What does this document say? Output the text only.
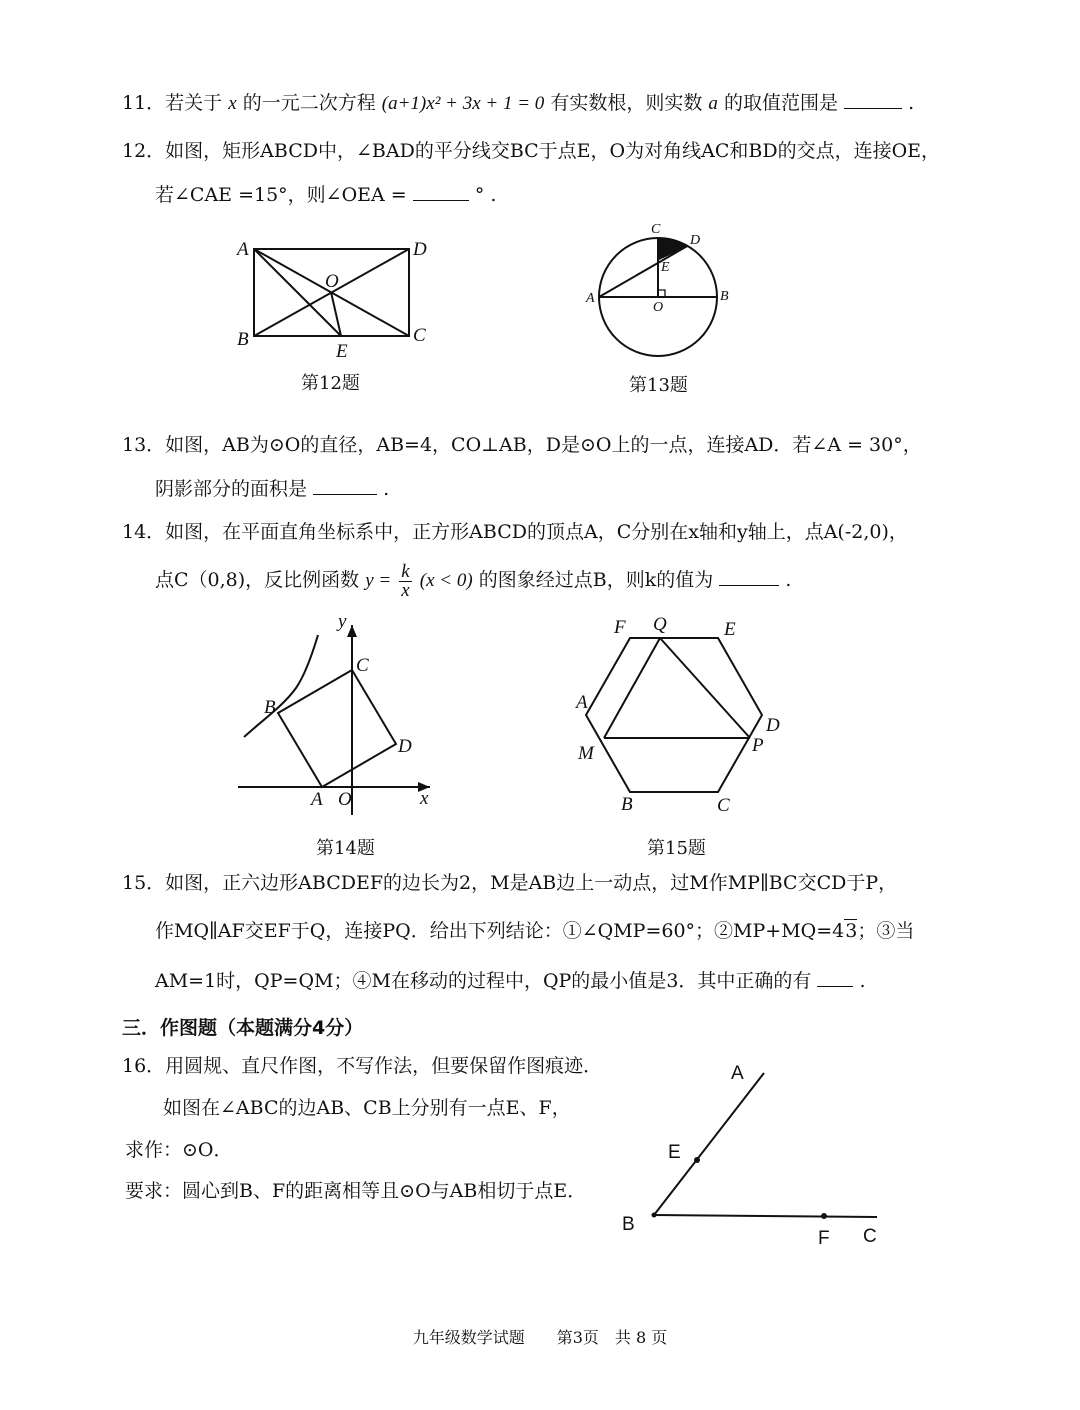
11．若关于 x 的一元二次方程 (a+1)x² + 3x + 1 = 0 有实数根，则实数 a 的取值范围是	.
12．如图，矩形ABCD中，∠BAD的平分线交BC于点E，O为对角线AC和BD的交点，连接OE，
若∠CAE =15°，则∠OEA =	° .
A	D
B	C
O
E
第12题
C
D
E
A	B
O
第13题
13．如图，AB为⊙O的直径，AB=4，CO⊥AB，D是⊙O上的一点，连接AD．若∠A = 30°，
阴影部分的面积是	.
14．如图，在平面直角坐标系中，正方形ABCD的顶点A，C分别在x轴和y轴上，点A(-2,0)，
点C（0,8)，反比例函数 $y = \frac{k}{x} (x < 0)$ 的图象经过点B，则k的值为	.
y
x
A O
B
C
D
第14题
F Q	E
A
D
M	P
B	C
第15题
15．如图，正六边形ABCDEF的边长为2，M是AB边上一动点，过M作MP∥BC交CD于P，
作MQ∥AF交EF于Q，连接PQ．给出下列结论：①∠QMP=60°；②MP+MQ=43；③当
AM=1时，QP=QM；④M在移动的过程中，QP的最小值是3．其中正确的有	.
三．作图题（本题满分4分）
16．用圆规、直尺作图，不写作法，但要保留作图痕迹．
如图在∠ABC的边AB、CB上分别有一点E、F，
求作：⊙O．
要求：圆心到B、F的距离相等且⊙O与AB相切于点E．
A
E
B
F C
九年级数学试题　　第3页　共 8 页
